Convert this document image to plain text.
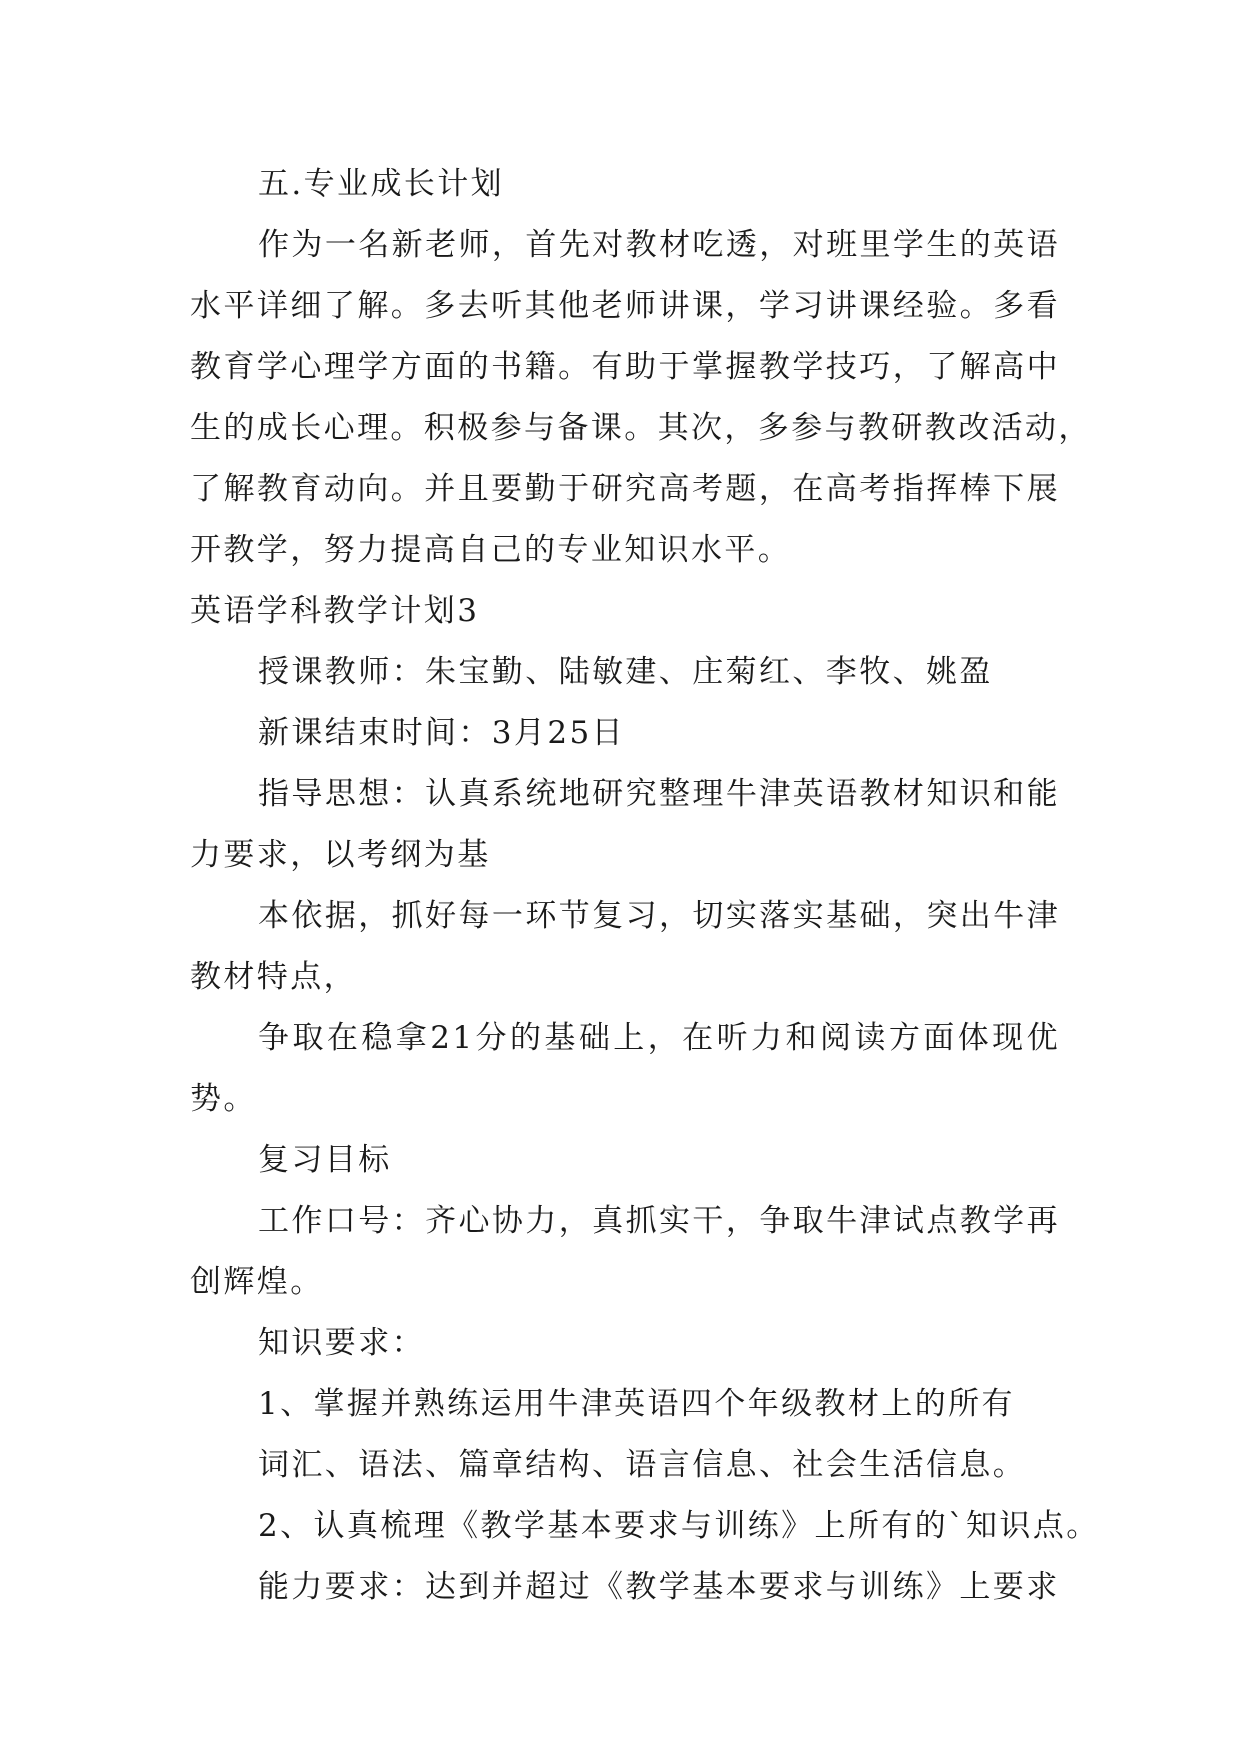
五.专业成长计划
作为一名新老师，首先对教材吃透，对班里学生的英语
水平详细了解。多去听其他老师讲课，学习讲课经验。多看
教育学心理学方面的书籍。有助于掌握教学技巧，了解高中
生的成长心理。积极参与备课。其次，多参与教研教改活动，
了解教育动向。并且要勤于研究高考题，在高考指挥棒下展
开教学，努力提高自己的专业知识水平。
英语学科教学计划3
授课教师：朱宝勤、陆敏建、庄菊红、李牧、姚盈
新课结束时间：3月25日
指导思想：认真系统地研究整理牛津英语教材知识和能
力要求，以考纲为基
本依据，抓好每一环节复习，切实落实基础，突出牛津
教材特点，
争取在稳拿21分的基础上，在听力和阅读方面体现优
势。
复习目标
工作口号：齐心协力，真抓实干，争取牛津试点教学再
创辉煌。
知识要求：
1、掌握并熟练运用牛津英语四个年级教材上的所有
词汇、语法、篇章结构、语言信息、社会生活信息。
2、认真梳理《教学基本要求与训练》上所有的`知识点。
能力要求：达到并超过《教学基本要求与训练》上要求
